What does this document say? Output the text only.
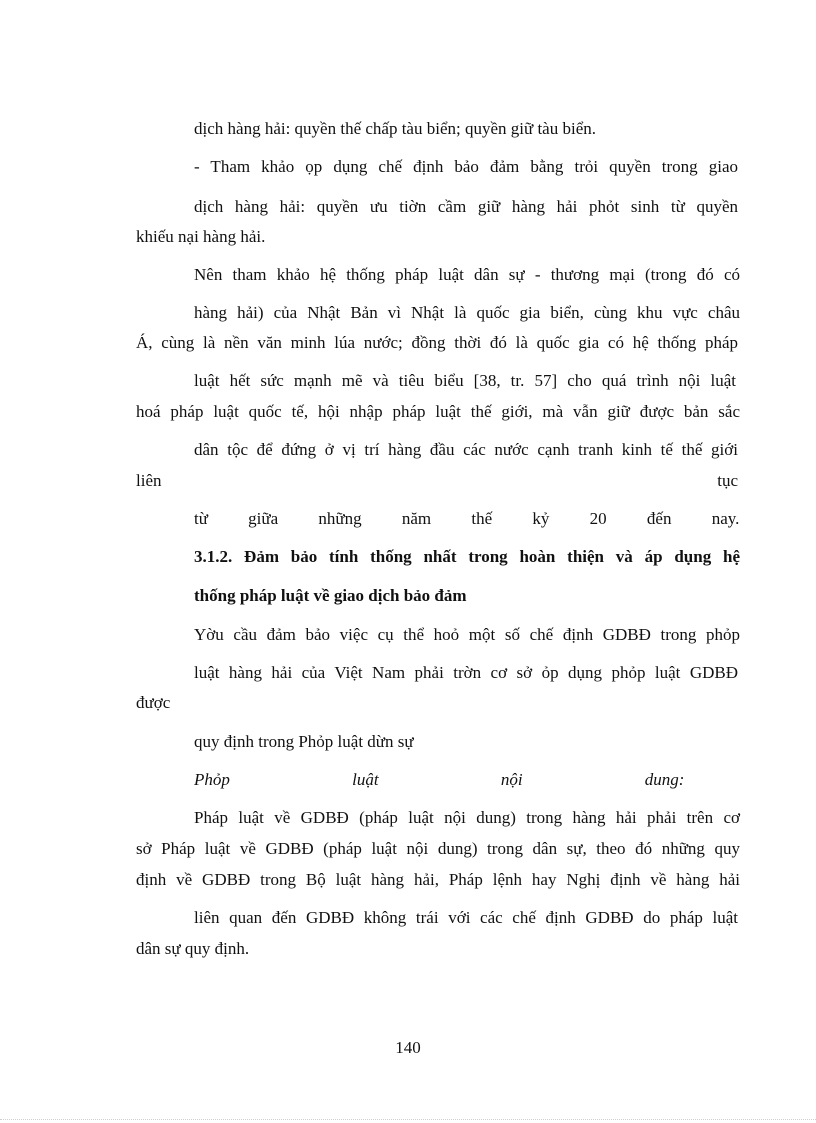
dịch hàng hải: quyền thế chấp tàu biển; quyền giữ tàu biển.
- Tham khảo ọp dụng chế định bảo đảm bằng trỏi quyền trong giao
dịch hàng hải: quyền ưu tiờn cầm giữ hàng hải phỏt sinh từ quyền
khiếu nại hàng hải.
Nên tham khảo hệ thống pháp luật dân sự - thương mại (trong đó có
hàng hải) của Nhật Bản vì Nhật là quốc gia biển, cùng khu vực châu
Á, cùng là nền văn minh lúa nước; đồng thời đó là quốc gia có hệ thống pháp
luật hết sức mạnh mẽ và tiêu biểu [38, tr. 57] cho quá trình nội luật
hoá pháp luật quốc tế, hội nhập pháp luật thế giới, mà vẫn giữ được bản sắc
dân tộc để đứng ở vị trí hàng đầu các nước cạnh tranh kinh tế thế giới
liên	tục
từ giữa những năm thế kỷ 20 đến nay.
3.1.2. Đảm bảo tính thống nhất trong hoàn thiện và áp dụng hệ
thống pháp luật về giao dịch bảo đảm
Yờu cầu đảm bảo việc cụ thể hoỏ một số chế định GDBĐ trong phỏp
luật hàng hải của Việt Nam phải trờn cơ sở ỏp dụng phỏp luật GDBĐ
được
quy định trong Phỏp luật dừn sự
Phỏp luật nội dung:
Pháp luật về GDBĐ (pháp luật nội dung) trong hàng hải phải trên cơ
sở Pháp luật về GDBĐ (pháp luật nội dung) trong dân sự, theo đó những quy
định về GDBĐ trong Bộ luật hàng hải, Pháp lệnh hay Nghị định về hàng hải
liên quan đến GDBĐ không trái với các chế định GDBĐ do pháp luật
dân sự quy định.
140
